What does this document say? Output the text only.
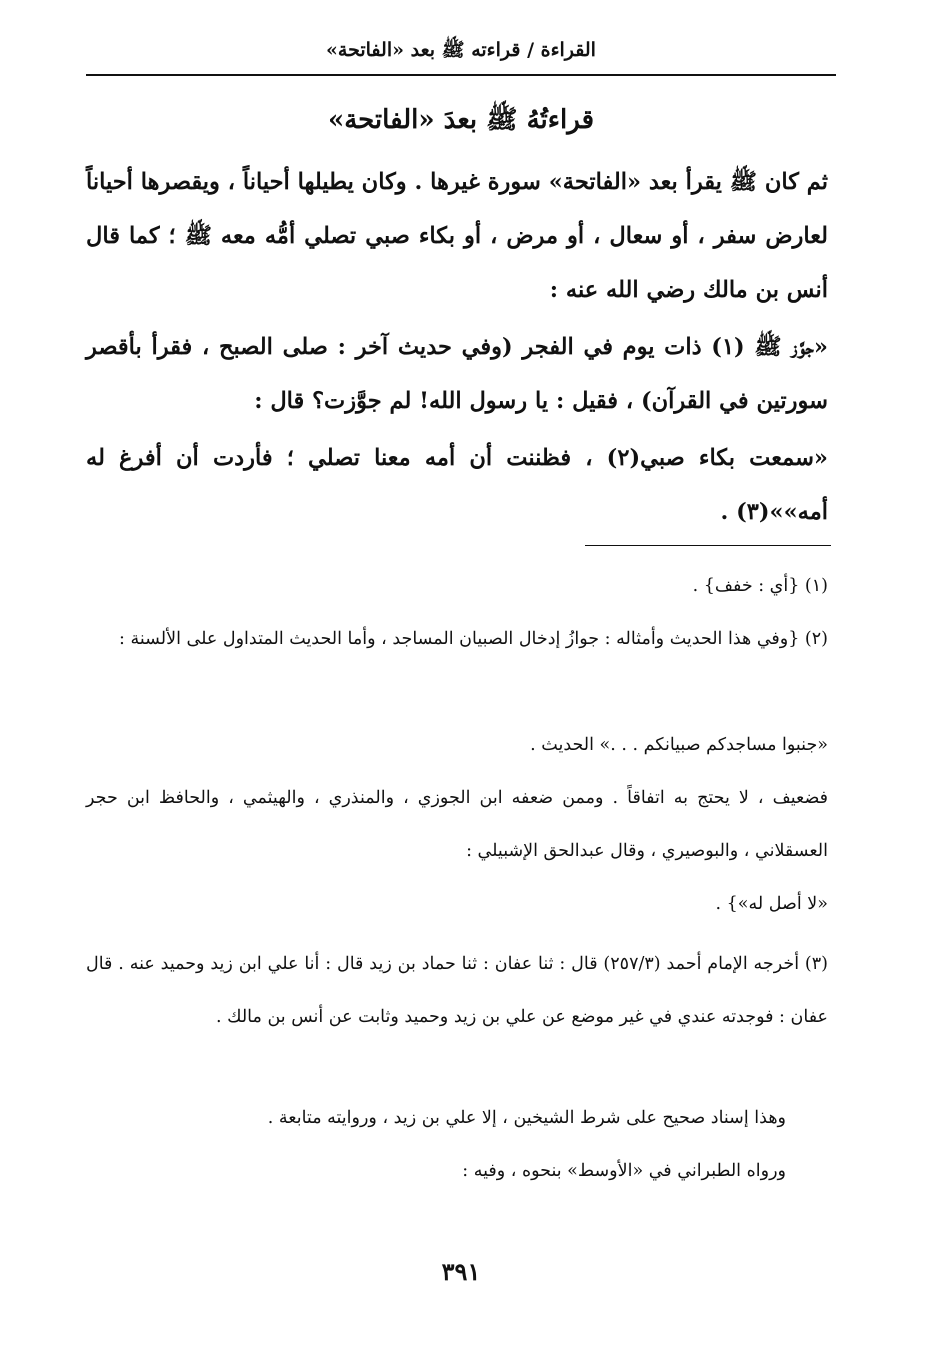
القراءة / قراءته ﷺ بعد «الفاتحة»
قراءتُهُ ﷺ بعدَ «الفاتحة»
ثم كان ﷺ يقرأ بعد «الفاتحة» سورة غيرها . وكان يطيلها أحياناً ، ويقصرها أحياناً لعارض سفر ، أو سعال ، أو مرض ، أو بكاء صبي تصلي أمُّه معه ﷺ ؛ كما قال أنس بن مالك رضي الله عنه :
«جوَّز ﷺ (١) ذات يوم في الفجر (وفي حديث آخر : صلى الصبح ، فقرأ بأقصر سورتين في القرآن) ، فقيل : يا رسول الله! لم جوَّزت؟ قال :
«سمعت بكاء صبي(٢) ، فظننت أن أمه معنا تصلي ؛ فأردت أن أفرغ له أمه»»(٣) .
(١) {أي : خفف} .
(٢) {وفي هذا الحديث وأمثاله : جوازُ إدخال الصبيان المساجد ، وأما الحديث المتداول على الألسنة :
«جنبوا مساجدكم صبيانكم . . .» الحديث .
فضعيف ، لا يحتج به اتفاقاً . وممن ضعفه ابن الجوزي ، والمنذري ، والهيثمي ، والحافظ ابن حجر العسقلاني ، والبوصيري ، وقال عبدالحق الإشبيلي :
«لا أصل له»} .
(٣) أخرجه الإمام أحمد (٢٥٧/٣) قال : ثنا عفان : ثنا حماد بن زيد قال : أنا علي ابن زيد وحميد عنه . قال عفان : فوجدته عندي في غير موضع عن علي بن زيد وحميد وثابت عن أنس بن مالك .
وهذا إسناد صحيح على شرط الشيخين ، إلا علي بن زيد ، وروايته متابعة .
ورواه الطبراني في «الأوسط» بنحوه ، وفيه :
٣٩١
